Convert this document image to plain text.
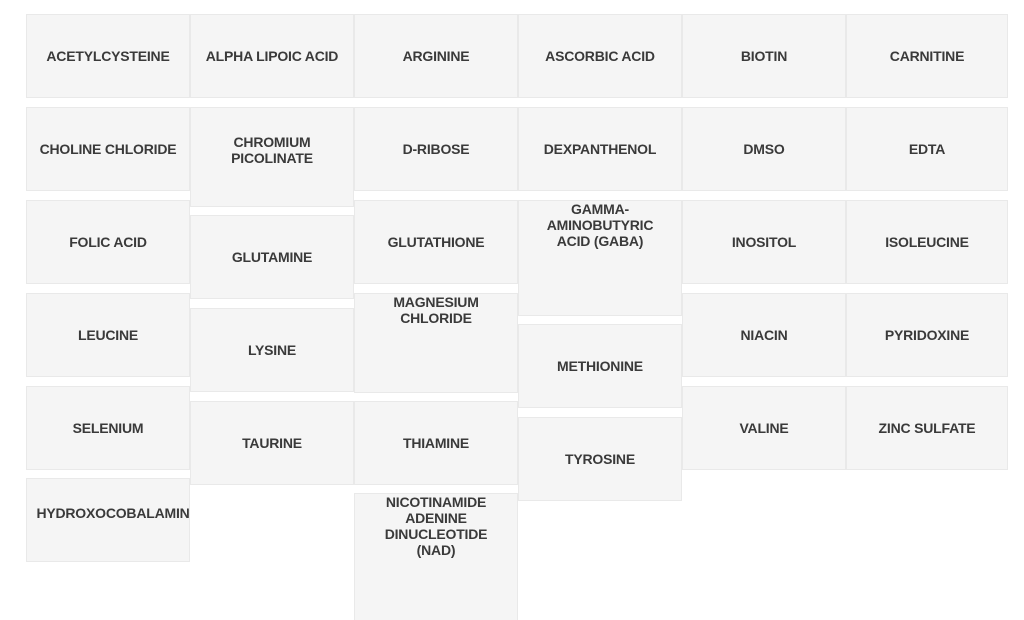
ACETYLCYSTEINE
CHOLINE CHLORIDE
FOLIC ACID
LEUCINE
SELENIUM
HYDROXOCOBALAMIN
ALPHA LIPOIC ACID
CHROMIUM PICOLINATE
GLUTAMINE
LYSINE
TAURINE
ARGININE
D-RIBOSE
GLUTATHIONE
MAGNESIUM CHLORIDE
THIAMINE
NICOTINAMIDE ADENINE DINUCLEOTIDE (NAD)
ASCORBIC ACID
DEXPANTHENOL
GAMMA-AMINOBUTYRIC ACID (GABA)
METHIONINE
TYROSINE
BIOTIN
DMSO
INOSITOL
NIACIN
VALINE
CARNITINE
EDTA
ISOLEUCINE
PYRIDOXINE
ZINC SULFATE
